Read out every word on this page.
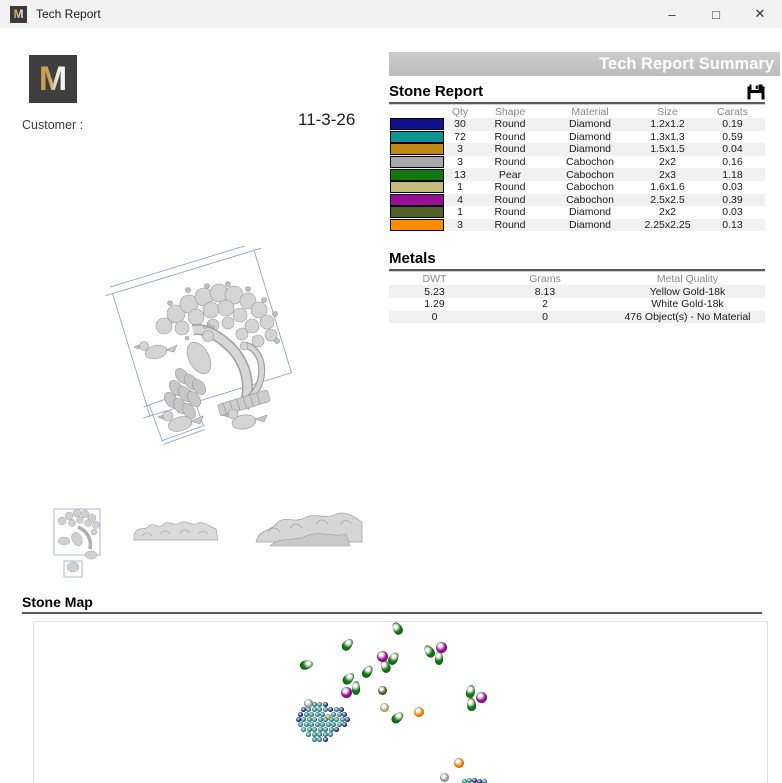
M Tech Report	–	□	✕
M
Customer :	11-3-26
Tech Report Summary
Stone Report
Qty	Shape	Material	Size	Carats
30	Round	Diamond	1.2x1.2	0.19
72	Round	Diamond	1.3x1.3	0.59
3	Round	Diamond	1.5x1.5	0.04
3	Round	Cabochon	2x2	0.16
13	Pear	Cabochon	2x3	1.18
1	Round	Cabochon	1.6x1.6	0.03
4	Round	Cabochon	2.5x2.5	0.39
1	Round	Diamond	2x2	0.03
3	Round	Diamond	2.25x2.25	0.13
Metals
DWT	Grams	Metal Quality
5.23	8.13	Yellow Gold-18k
1.29	2	White Gold-18k
0	0	476 Object(s) - No Material
Stone Map
